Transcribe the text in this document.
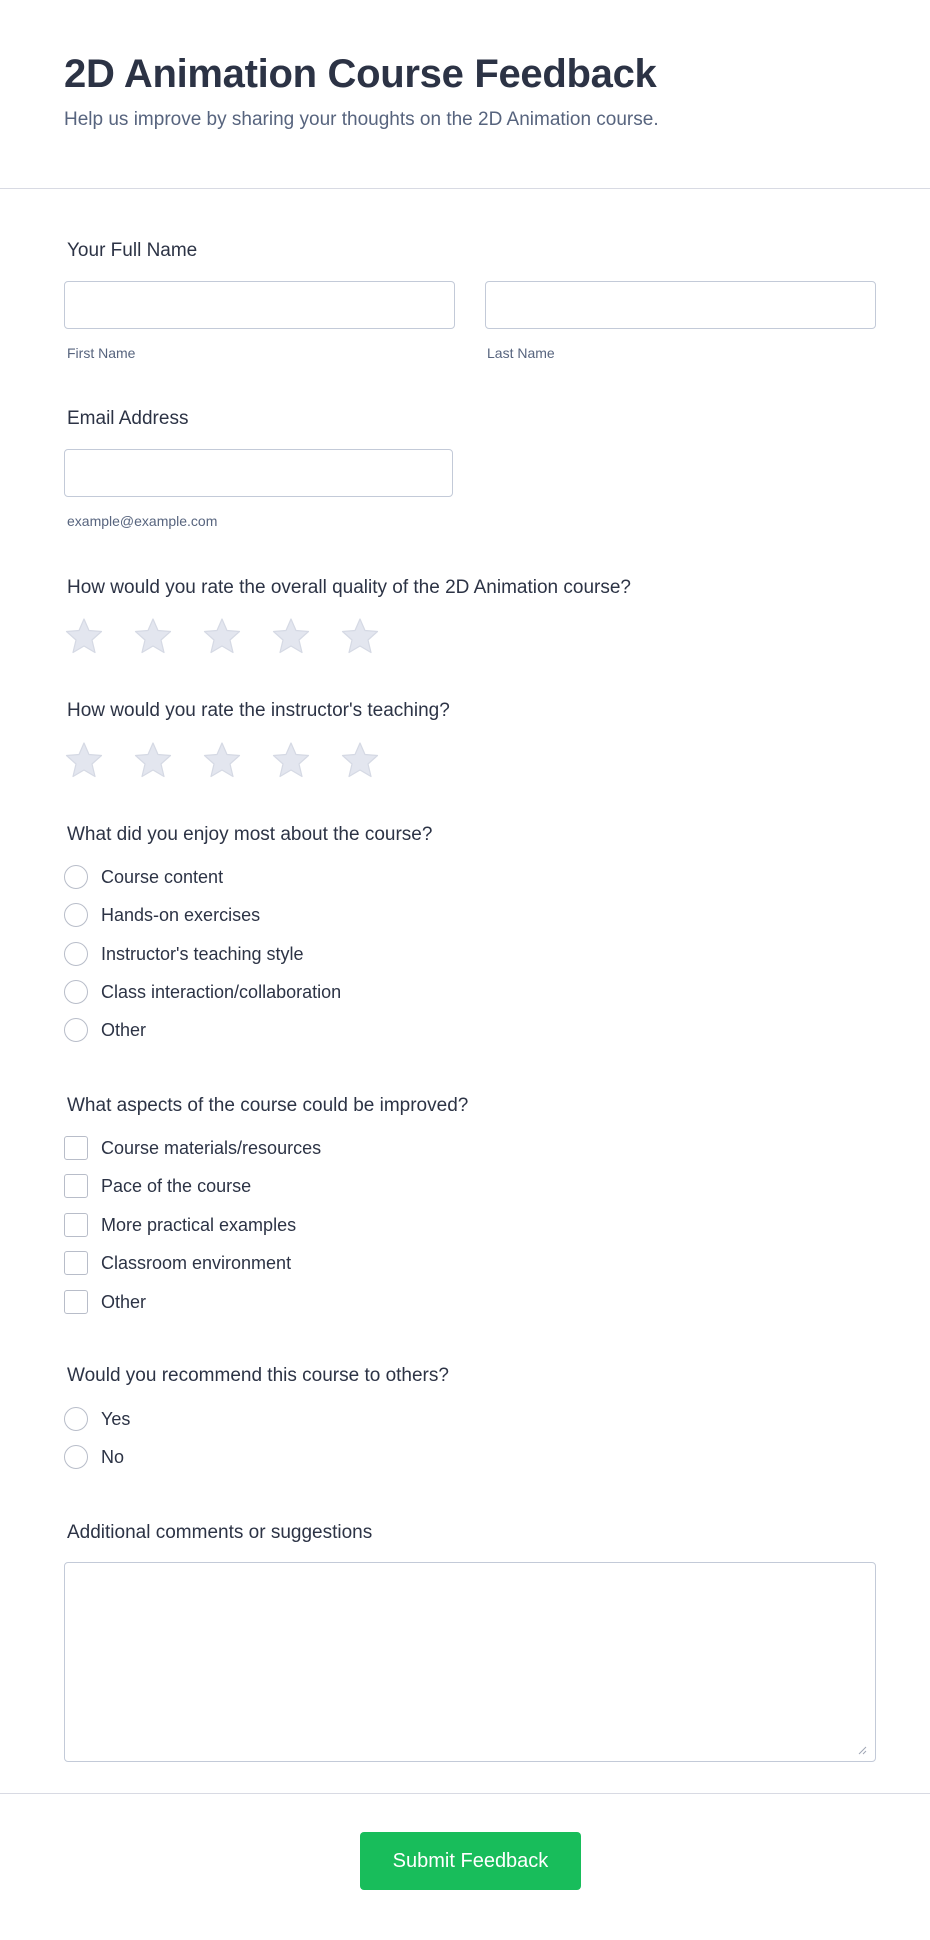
2D Animation Course Feedback
Help us improve by sharing your thoughts on the 2D Animation course.
Your Full Name
First Name	Last Name
Email Address
example@example.com
How would you rate the overall quality of the 2D Animation course?
How would you rate the instructor's teaching?
What did you enjoy most about the course?
Course content
Hands-on exercises
Instructor's teaching style
Class interaction/collaboration
Other
What aspects of the course could be improved?
Course materials/resources
Pace of the course
More practical examples
Classroom environment
Other
Would you recommend this course to others?
Yes
No
Additional comments or suggestions
Submit Feedback
